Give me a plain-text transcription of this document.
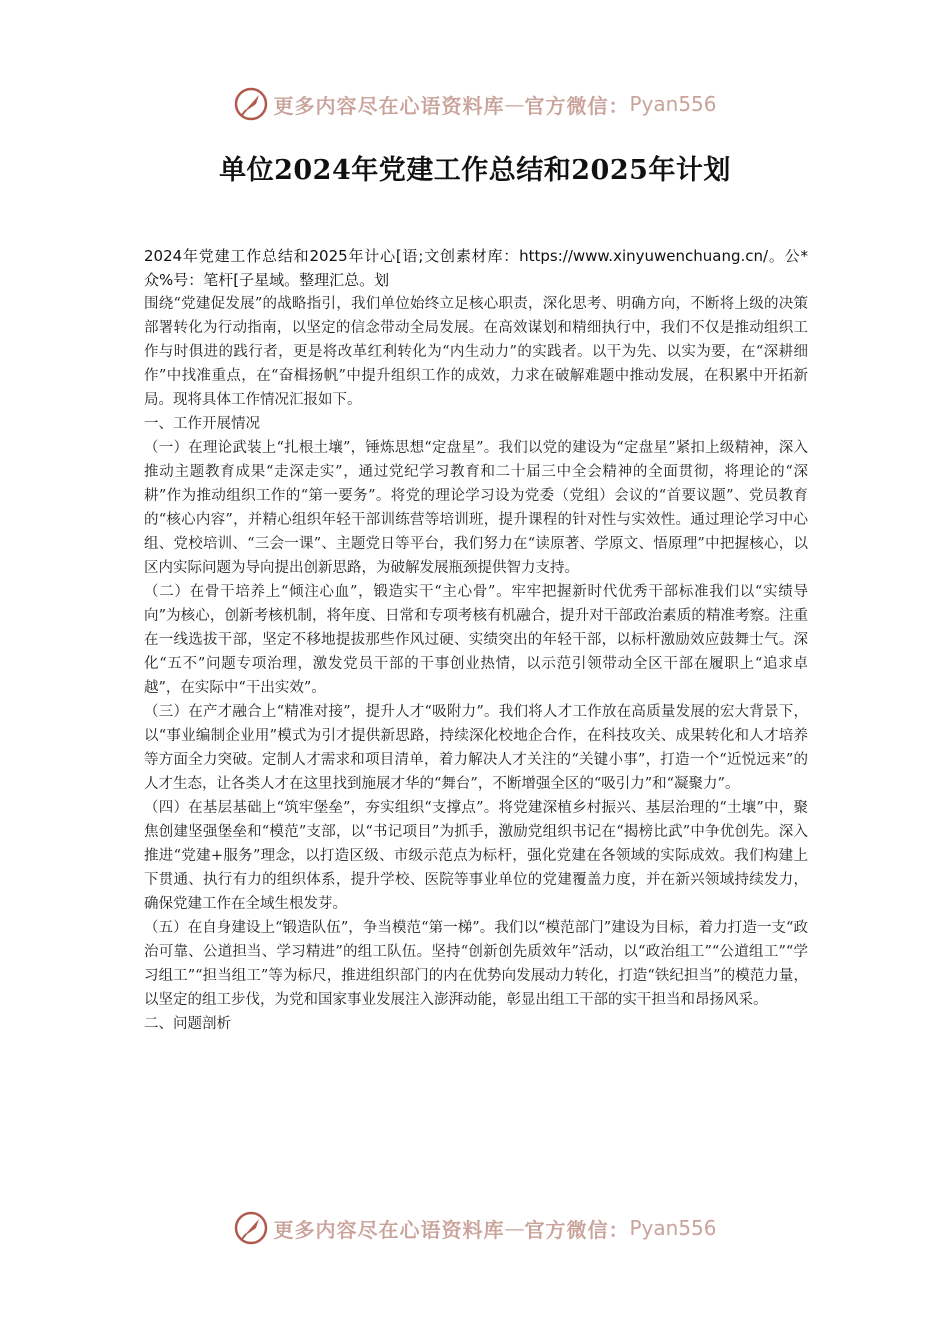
更多内容尽在心语资料库 — 官方微信： Pyan556
单位2024年党建工作总结和2025年计划

2024年党建工作总结和2025年计心[语;文创素材库：https://www.xinyuwenchuang.cn/。公*众%号：笔杆[子星域。整理汇总。划

围绕“党建促发展”的战略指引，我们单位始终立足核心职责，深化思考、明确方向，不断将上级的决策部署转化为行动指南，以坚定的信念带动全局发展。在高效谋划和精细执行中，我们不仅是推动组织工作与时俱进的践行者，更是将改革红利转化为“内生动力”的实践者。以干为先、以实为要，在“深耕细作”中找准重点，在“奋楫扬帆”中提升组织工作的成效，力求在破解难题中推动发展，在积累中开拓新局。现将具体工作情况汇报如下。

一、工作开展情况

（一）在理论武装上“扎根土壤”，锤炼思想“定盘星”。我们以党的建设为“定盘星”紧扣上级精神，深入推动主题教育成果“走深走实”，通过党纪学习教育和二十届三中全会精神的全面贯彻，将理论的“深耕”作为推动组织工作的“第一要务”。将党的理论学习设为党委（党组）会议的“首要议题”、党员教育的“核心内容”，并精心组织年轻干部训练营等培训班，提升课程的针对性与实效性。通过理论学习中心组、党校培训、“三会一课”、主题党日等平台，我们努力在“读原著、学原文、悟原理”中把握核心，以区内实际问题为导向提出创新思路，为破解发展瓶颈提供智力支持。

（二）在骨干培养上“倾注心血”，锻造实干“主心骨”。牢牢把握新时代优秀干部标准我们以“实绩导向”为核心，创新考核机制，将年度、日常和专项考核有机融合，提升对干部政治素质的精准考察。注重在一线选拔干部，坚定不移地提拔那些作风过硬、实绩突出的年轻干部，以标杆激励效应鼓舞士气。深化“五不”问题专项治理，激发党员干部的干事创业热情，以示范引领带动全区干部在履职上“追求卓越”，在实际中“干出实效”。

（三）在产才融合上“精准对接”，提升人才“吸附力”。我们将人才工作放在高质量发展的宏大背景下，以“事业编制企业用”模式为引才提供新思路，持续深化校地企合作，在科技攻关、成果转化和人才培养等方面全力突破。定制人才需求和项目清单，着力解决人才关注的“关键小事”，打造一个“近悦远来”的人才生态，让各类人才在这里找到施展才华的“舞台”，不断增强全区的“吸引力”和“凝聚力”。

（四）在基层基础上“筑牢堡垒”，夯实组织“支撑点”。将党建深植乡村振兴、基层治理的“土壤”中，聚焦创建坚强堡垒和“模范”支部，以“书记项目”为抓手，激励党组织书记在“揭榜比武”中争优创先。深入推进“党建+服务”理念，以打造区级、市级示范点为标杆，强化党建在各领域的实际成效。我们构建上下贯通、执行有力的组织体系，提升学校、医院等事业单位的党建覆盖力度，并在新兴领域持续发力，确保党建工作在全域生根发芽。

（五）在自身建设上“锻造队伍”，争当模范“第一梯”。我们以“模范部门”建设为目标，着力打造一支“政治可靠、公道担当、学习精进”的组工队伍。坚持“创新创先质效年”活动，以“政治组工”“公道组工”“学习组工”“担当组工”等为标尺，推进组织部门的内在优势向发展动力转化，打造“铁纪担当”的模范力量，以坚定的组工步伐，为党和国家事业发展注入澎湃动能，彰显出组工干部的实干担当和昂扬风采。

二、问题剖析

更多内容尽在心语资料库 — 官方微信： Pyan556
